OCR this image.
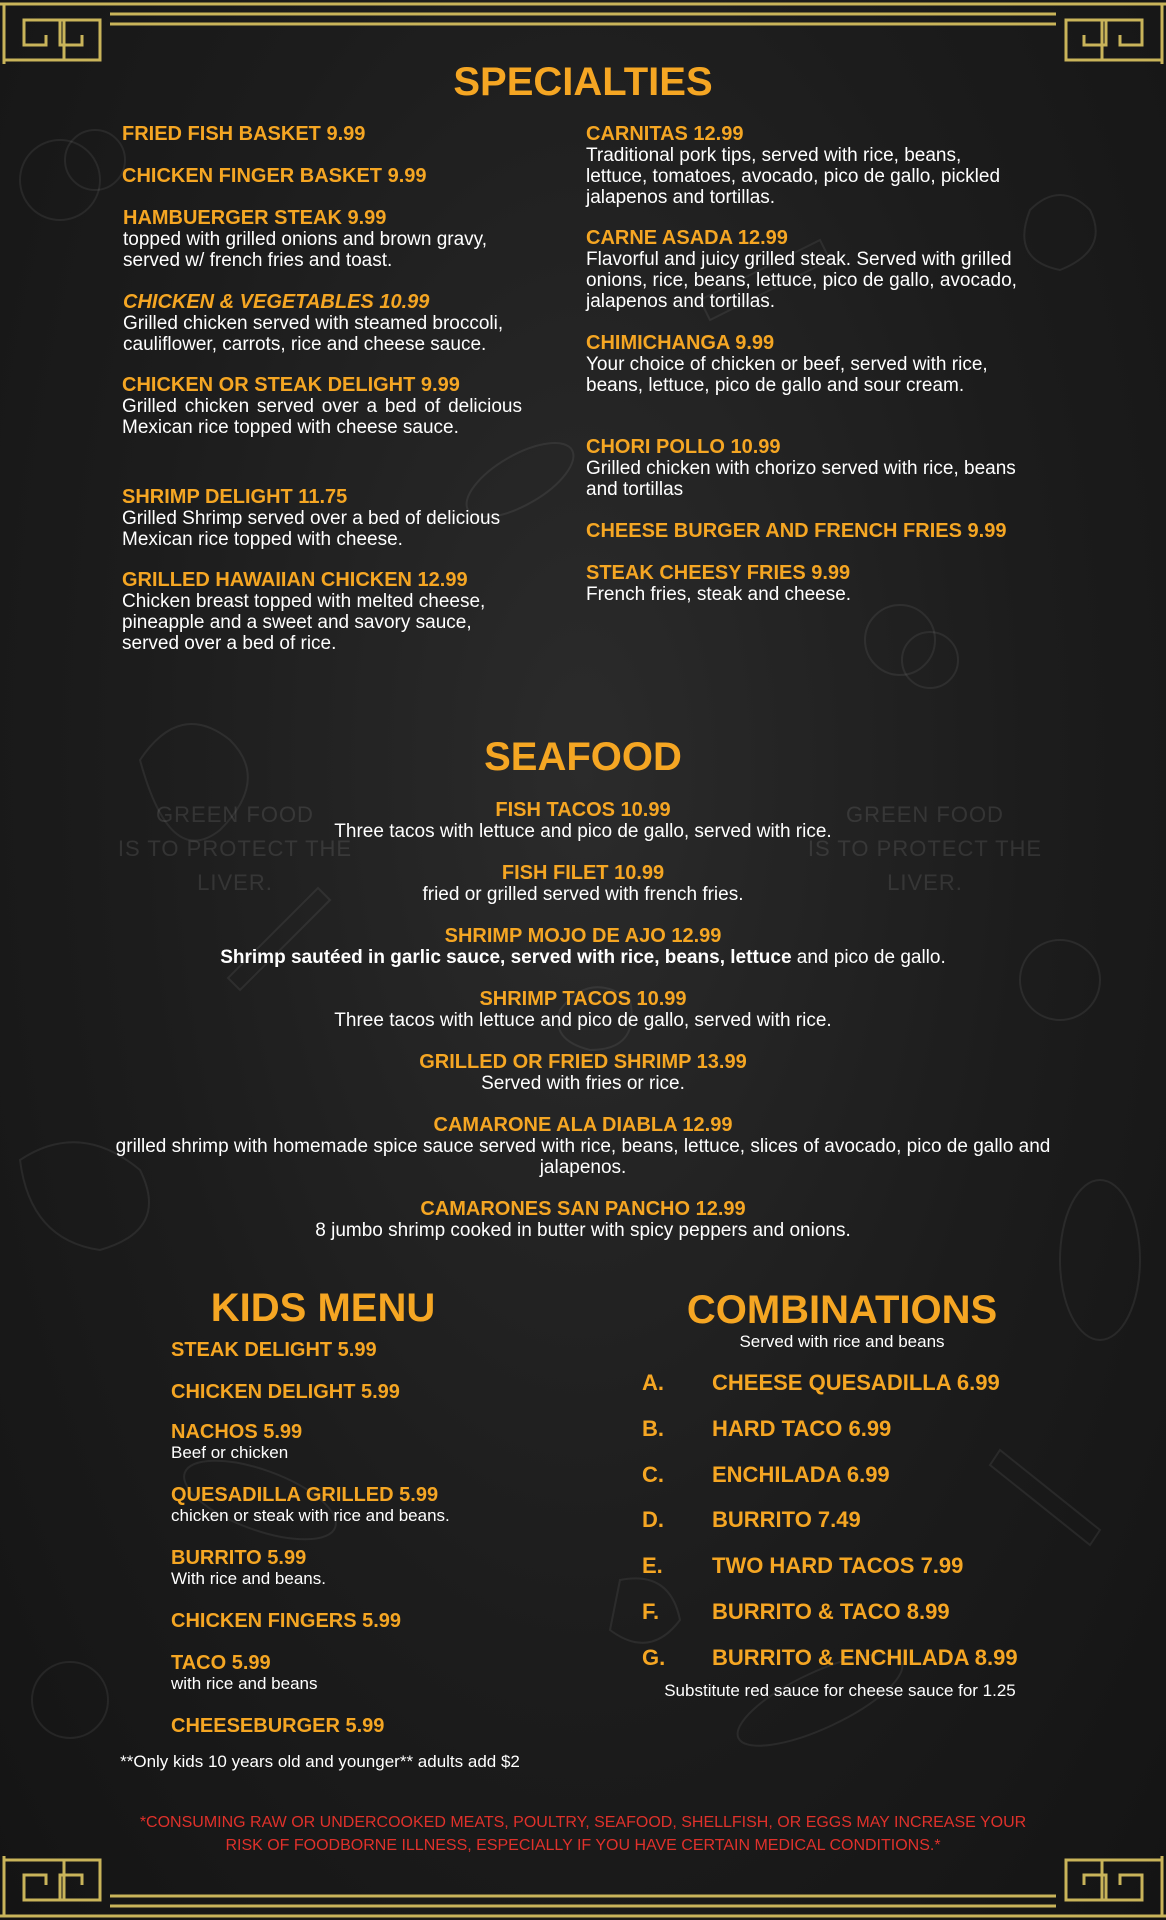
GREEN FOOD
IS TO PROTECT THE LIVER.
GREEN FOOD
IS TO PROTECT THE LIVER.
SPECIALTIES
FRIED FISH BASKET 9.99
CHICKEN FINGER BASKET 9.99
HAMBUERGER STEAK 9.99
topped with grilled onions and brown gravy, served w/ french fries and toast.
CHICKEN & VEGETABLES 10.99
Grilled chicken served with steamed broccoli, cauliflower, carrots, rice and cheese sauce.
CHICKEN OR STEAK DELIGHT 9.99
Grilled chicken served over a bed of delicious Mexican rice topped with cheese sauce.
SHRIMP DELIGHT 11.75
Grilled Shrimp served over a bed of delicious Mexican rice topped with cheese.
GRILLED HAWAIIAN CHICKEN 12.99
Chicken breast topped with melted cheese, pineapple and a sweet and savory sauce, served over a bed of rice.
CARNITAS 12.99
Traditional pork tips, served with rice, beans, lettuce, tomatoes, avocado, pico de gallo, pickled jalapenos and tortillas.
CARNE ASADA 12.99
Flavorful and juicy grilled steak. Served with grilled onions, rice, beans, lettuce, pico de gallo, avocado, jalapenos and tortillas.
CHIMICHANGA 9.99
Your choice of chicken or beef, served with rice, beans, lettuce, pico de gallo and sour cream.
CHORI POLLO 10.99
Grilled chicken with chorizo served with rice, beans and tortillas
CHEESE BURGER AND FRENCH FRIES 9.99
STEAK CHEESY FRIES 9.99
French fries, steak and cheese.
SEAFOOD
FISH TACOS 10.99
Three tacos with lettuce and pico de gallo, served with rice.
FISH FILET 10.99
fried or grilled served with french fries.
SHRIMP MOJO DE AJO 12.99
Shrimp sautéed in garlic sauce, served with rice, beans, lettuce and pico de gallo.
SHRIMP TACOS 10.99
Three tacos with lettuce and pico de gallo, served with rice.
GRILLED OR FRIED SHRIMP 13.99
Served with fries or rice.
CAMARONE ALA DIABLA 12.99
grilled shrimp with homemade spice sauce served with rice, beans, lettuce, slices of avocado, pico de gallo and jalapenos.
CAMARONES SAN PANCHO 12.99
8 jumbo shrimp cooked in butter with spicy peppers and onions.
KIDS MENU
STEAK DELIGHT 5.99
CHICKEN DELIGHT 5.99
NACHOS 5.99
Beef or chicken
QUESADILLA GRILLED 5.99
chicken or steak with rice and beans.
BURRITO 5.99
With rice and beans.
CHICKEN FINGERS 5.99
TACO 5.99
with rice and beans
CHEESEBURGER 5.99
**Only kids 10 years old and younger** adults add $2
COMBINATIONS
Served with rice and beans
A. CHEESE QUESADILLA 6.99
B. HARD TACO 6.99
C. ENCHILADA 6.99
D. BURRITO 7.49
E. TWO HARD TACOS 7.99
F. BURRITO & TACO 8.99
G. BURRITO & ENCHILADA 8.99
Substitute red sauce for cheese sauce for 1.25
*CONSUMING RAW OR UNDERCOOKED MEATS, POULTRY, SEAFOOD, SHELLFISH, OR EGGS MAY INCREASE YOUR RISK OF FOODBORNE ILLNESS, ESPECIALLY IF YOU HAVE CERTAIN MEDICAL CONDITIONS.*
